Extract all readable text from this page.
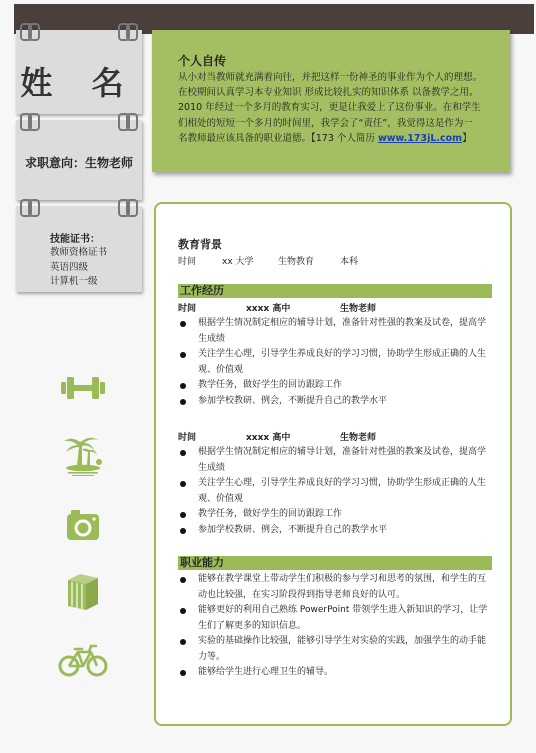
姓 名
求职意向：生物老师
技能证书：
教师资格证书
英语四级
计算机一级
个人自传
从小对当教师就充满着向往，并把这样一份神圣的事业作为个人的理想。
在校期间认真学习本专业知识 形成比较扎实的知识体系 以备教学之用。
2010 年经过一个多月的教育实习，更是让我爱上了这份事业。在和学生
们相处的短短一个多月的时间里，我学会了“责任”，我觉得这是作为一
名教师最应该具备的职业道德。【173 个人简历 www.173jL.com】
教育背景
时间	xx 大学	生物教育	本科
工作经历
时间	xxxx 高中	生物老师
根据学生情况制定相应的辅导计划，准备针对性强的教案及试卷，提高学生成绩
关注学生心理，引导学生养成良好的学习习惯，协助学生形成正确的人生观、价值观
教学任务，做好学生的回访跟踪工作
参加学校教研、例会，不断提升自己的教学水平
时间	xxxx 高中	生物老师
根据学生情况制定相应的辅导计划，准备针对性强的教案及试卷，提高学生成绩
关注学生心理，引导学生养成良好的学习习惯，协助学生形成正确的人生观、价值观
教学任务，做好学生的回访跟踪工作
参加学校教研、例会，不断提升自己的教学水平
职业能力
能够在教学课堂上带动学生们积极的参与学习和思考的氛围，和学生的互动也比较强，在实习阶段得到指导老师良好的认可。
能够更好的利用自己熟练 PowerPoint 带领学生进入新知识的学习，让学生们了解更多的知识信息。
实验的基础操作比较强，能够引导学生对实验的实践，加强学生的动手能力等。
能够给学生进行心理卫生的辅导。
